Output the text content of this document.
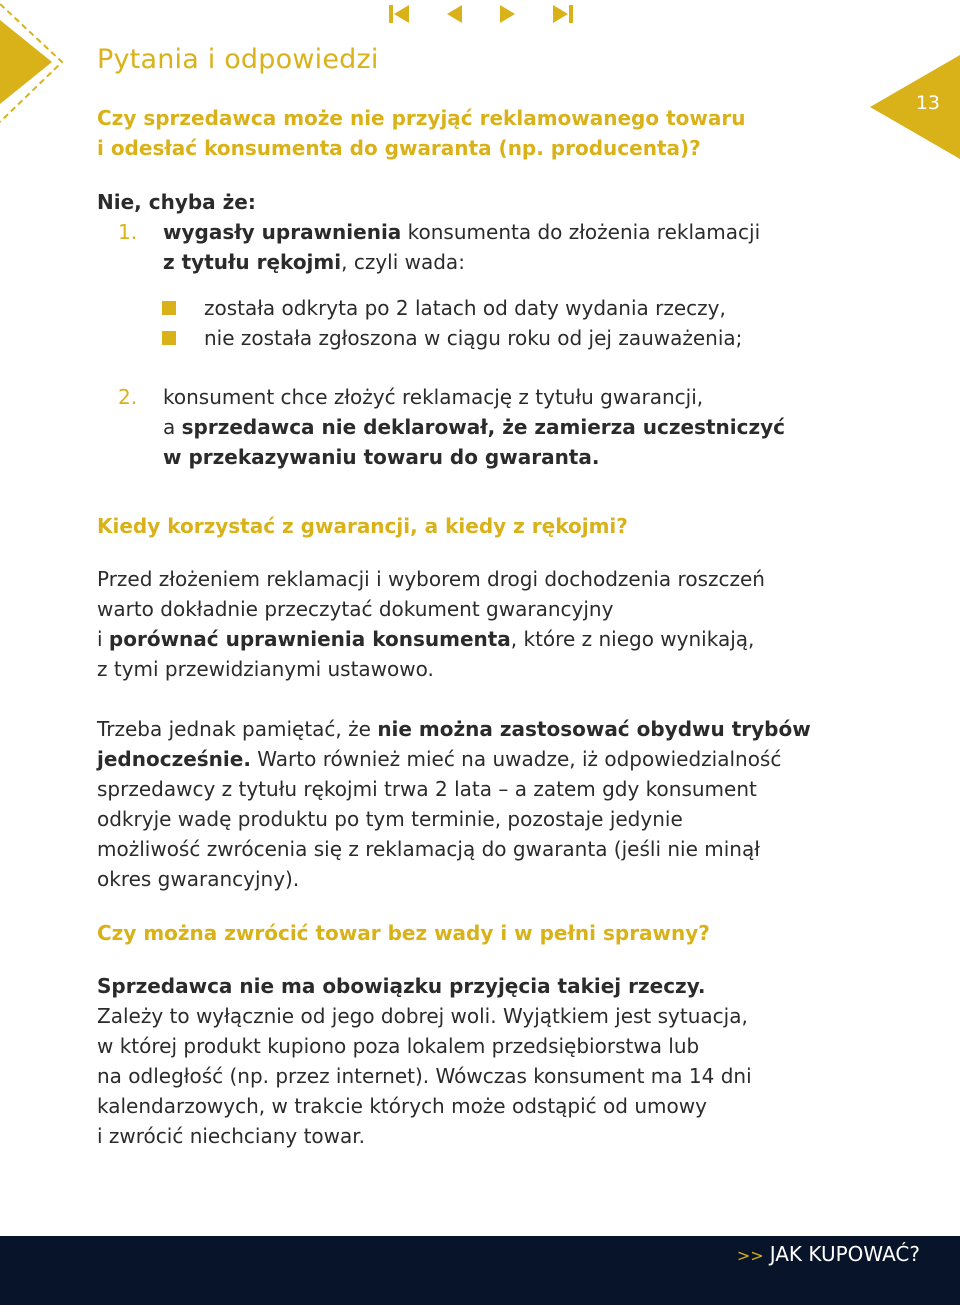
13
Pytania i odpowiedzi
Czy sprzedawca może nie przyjąć reklamowanego towaru
i odesłać konsumenta do gwaranta (np. producenta)?
Nie, chyba że:
1. wygasły uprawnienia konsumenta do złożenia reklamacji
z tytułu rękojmi, czyli wada:
została odkryta po 2 latach od daty wydania rzeczy,
nie została zgłoszona w ciągu roku od jej zauważenia;
2. konsument chce złożyć reklamację z tytułu gwarancji,
a sprzedawca nie deklarował, że zamierza uczestniczyć
w przekazywaniu towaru do gwaranta.
Kiedy korzystać z gwarancji, a kiedy z rękojmi?
Przed złożeniem reklamacji i wyborem drogi dochodzenia roszczeń
warto dokładnie przeczytać dokument gwarancyjny
i porównać uprawnienia konsumenta, które z niego wynikają,
z tymi przewidzianymi ustawowo.
Trzeba jednak pamiętać, że nie można zastosować obydwu trybów
jednocześnie. Warto również mieć na uwadze, iż odpowiedzialność
sprzedawcy z tytułu rękojmi trwa 2 lata – a zatem gdy konsument
odkryje wadę produktu po tym terminie, pozostaje jedynie
możliwość zwrócenia się z reklamacją do gwaranta (jeśli nie minął
okres gwarancyjny).
Czy można zwrócić towar bez wady i w pełni sprawny?
Sprzedawca nie ma obowiązku przyjęcia takiej rzeczy.
Zależy to wyłącznie od jego dobrej woli. Wyjątkiem jest sytuacja,
w której produkt kupiono poza lokalem przedsiębiorstwa lub
na odległość (np. przez internet). Wówczas konsument ma 14 dni
kalendarzowych, w trakcie których może odstąpić od umowy
i zwrócić niechciany towar.
>> JAK KUPOWAĆ?
